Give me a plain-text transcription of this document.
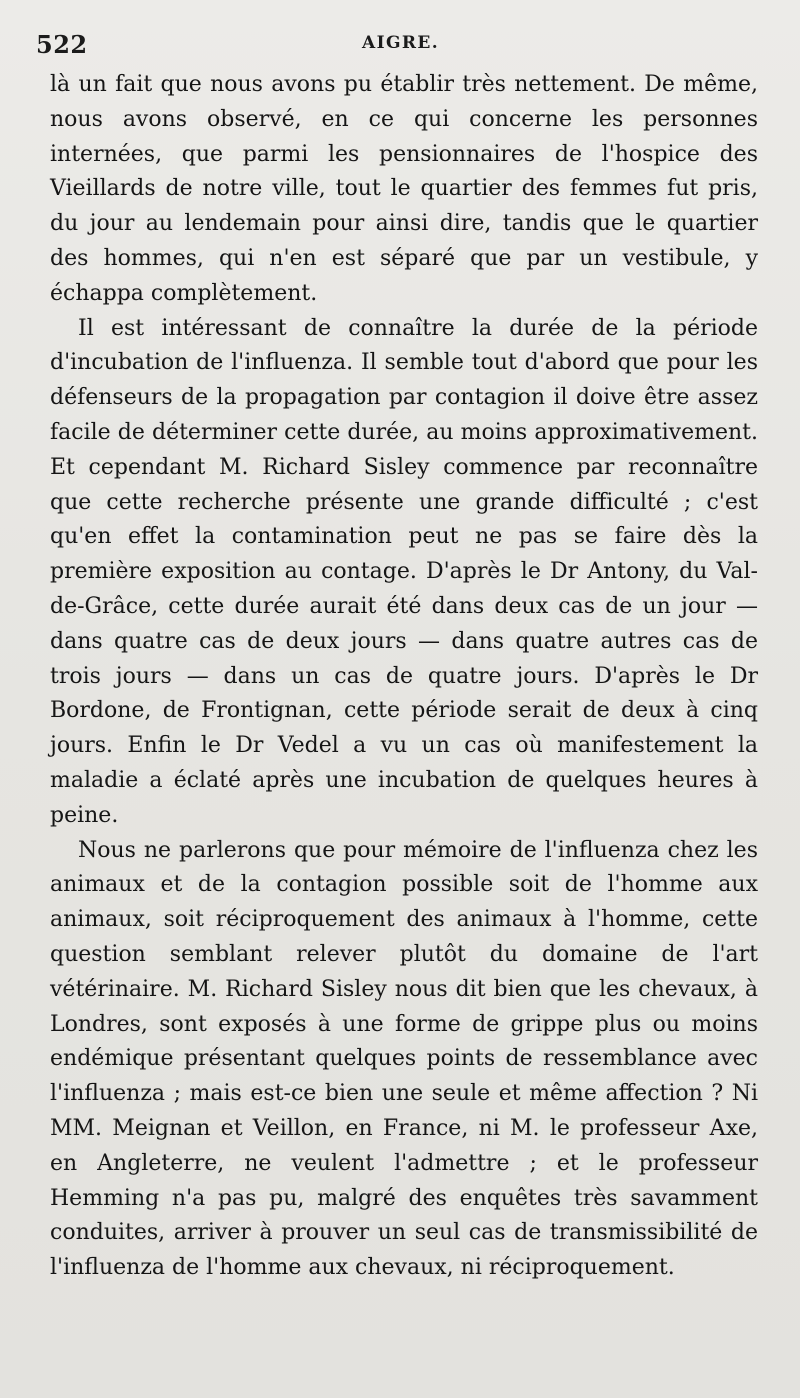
522	AIGRE.

là un fait que nous avons pu établir très nettement. De même, nous avons observé, en ce qui concerne les personnes internées, que parmi les pensionnaires de l'hospice des Vieillards de notre ville, tout le quartier des femmes fut pris, du jour au lendemain pour ainsi dire, tandis que le quartier des hommes, qui n'en est séparé que par un vestibule, y échappa complètement.

Il est intéressant de connaître la durée de la période d'incubation de l'influenza. Il semble tout d'abord que pour les défenseurs de la propagation par contagion il doive être assez facile de déterminer cette durée, au moins approximativement. Et cependant M. Richard Sisley commence par reconnaître que cette recherche présente une grande difficulté ; c'est qu'en effet la contamination peut ne pas se faire dès la première exposition au contage. D'après le Dr Antony, du Val-de-Grâce, cette durée aurait été dans deux cas de un jour — dans quatre cas de deux jours — dans quatre autres cas de trois jours — dans un cas de quatre jours. D'après le Dr Bordone, de Frontignan, cette période serait de deux à cinq jours. Enfin le Dr Vedel a vu un cas où manifestement la maladie a éclaté après une incubation de quelques heures à peine.

Nous ne parlerons que pour mémoire de l'influenza chez les animaux et de la contagion possible soit de l'homme aux animaux, soit réciproquement des animaux à l'homme, cette question semblant relever plutôt du domaine de l'art vétérinaire. M. Richard Sisley nous dit bien que les chevaux, à Londres, sont exposés à une forme de grippe plus ou moins endémique présentant quelques points de ressemblance avec l'influenza ; mais est-ce bien une seule et même affection ? Ni MM. Meignan et Veillon, en France, ni M. le professeur Axe, en Angleterre, ne veulent l'admettre ; et le professeur Hemming n'a pas pu, malgré des enquêtes très savamment conduites, arriver à prouver un seul cas de transmissibilité de l'influenza de l'homme aux chevaux, ni réciproquement.
